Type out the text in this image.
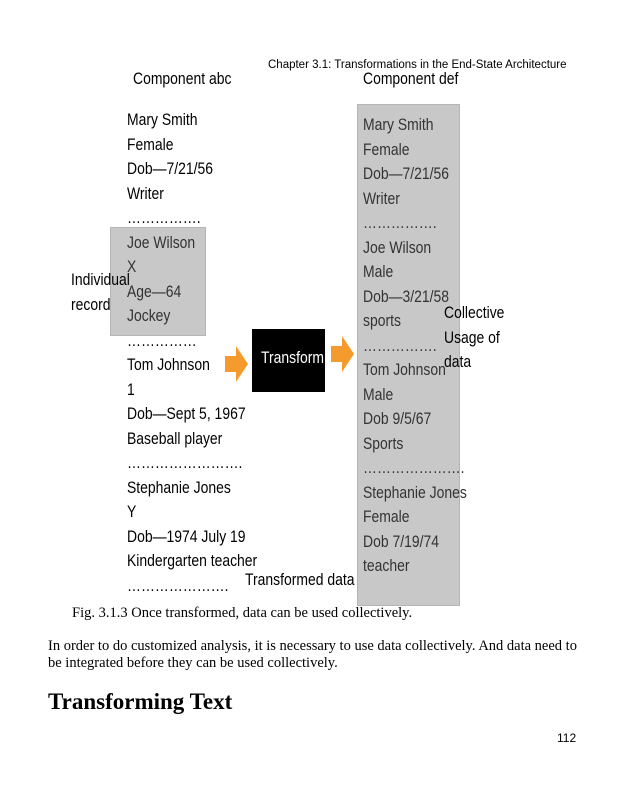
Chapter 3.1: Transformations in the End-State Architecture
Component abc	Component def
Mary Smith
Female
Dob—7/21/56
Writer
…………….
Joe Wilson
X
Age—64
Jockey
……………
Tom Johnson
1
Dob—Sept 5, 1967
Baseball player
…………………….
Stephanie Jones
Y
Dob—1974 July 19
Kindergarten teacher
………………….
Mary Smith
Female
Dob—7/21/56
Writer
…………….
Joe Wilson
Male
Dob—3/21/58
sports
…………….
Tom Johnson
Male
Dob 9/5/67
Sports
………………….
Stephanie Jones
Female
Dob 7/19/74
teacher
Individual
record	Collective
Usage of
data
Transform
Transformed data
Fig. 3.1.3 Once transformed, data can be used collectively.
In order to do customized analysis, it is necessary to use data collectively. And data need to be integrated before they can be used collectively.
Transforming Text
112
